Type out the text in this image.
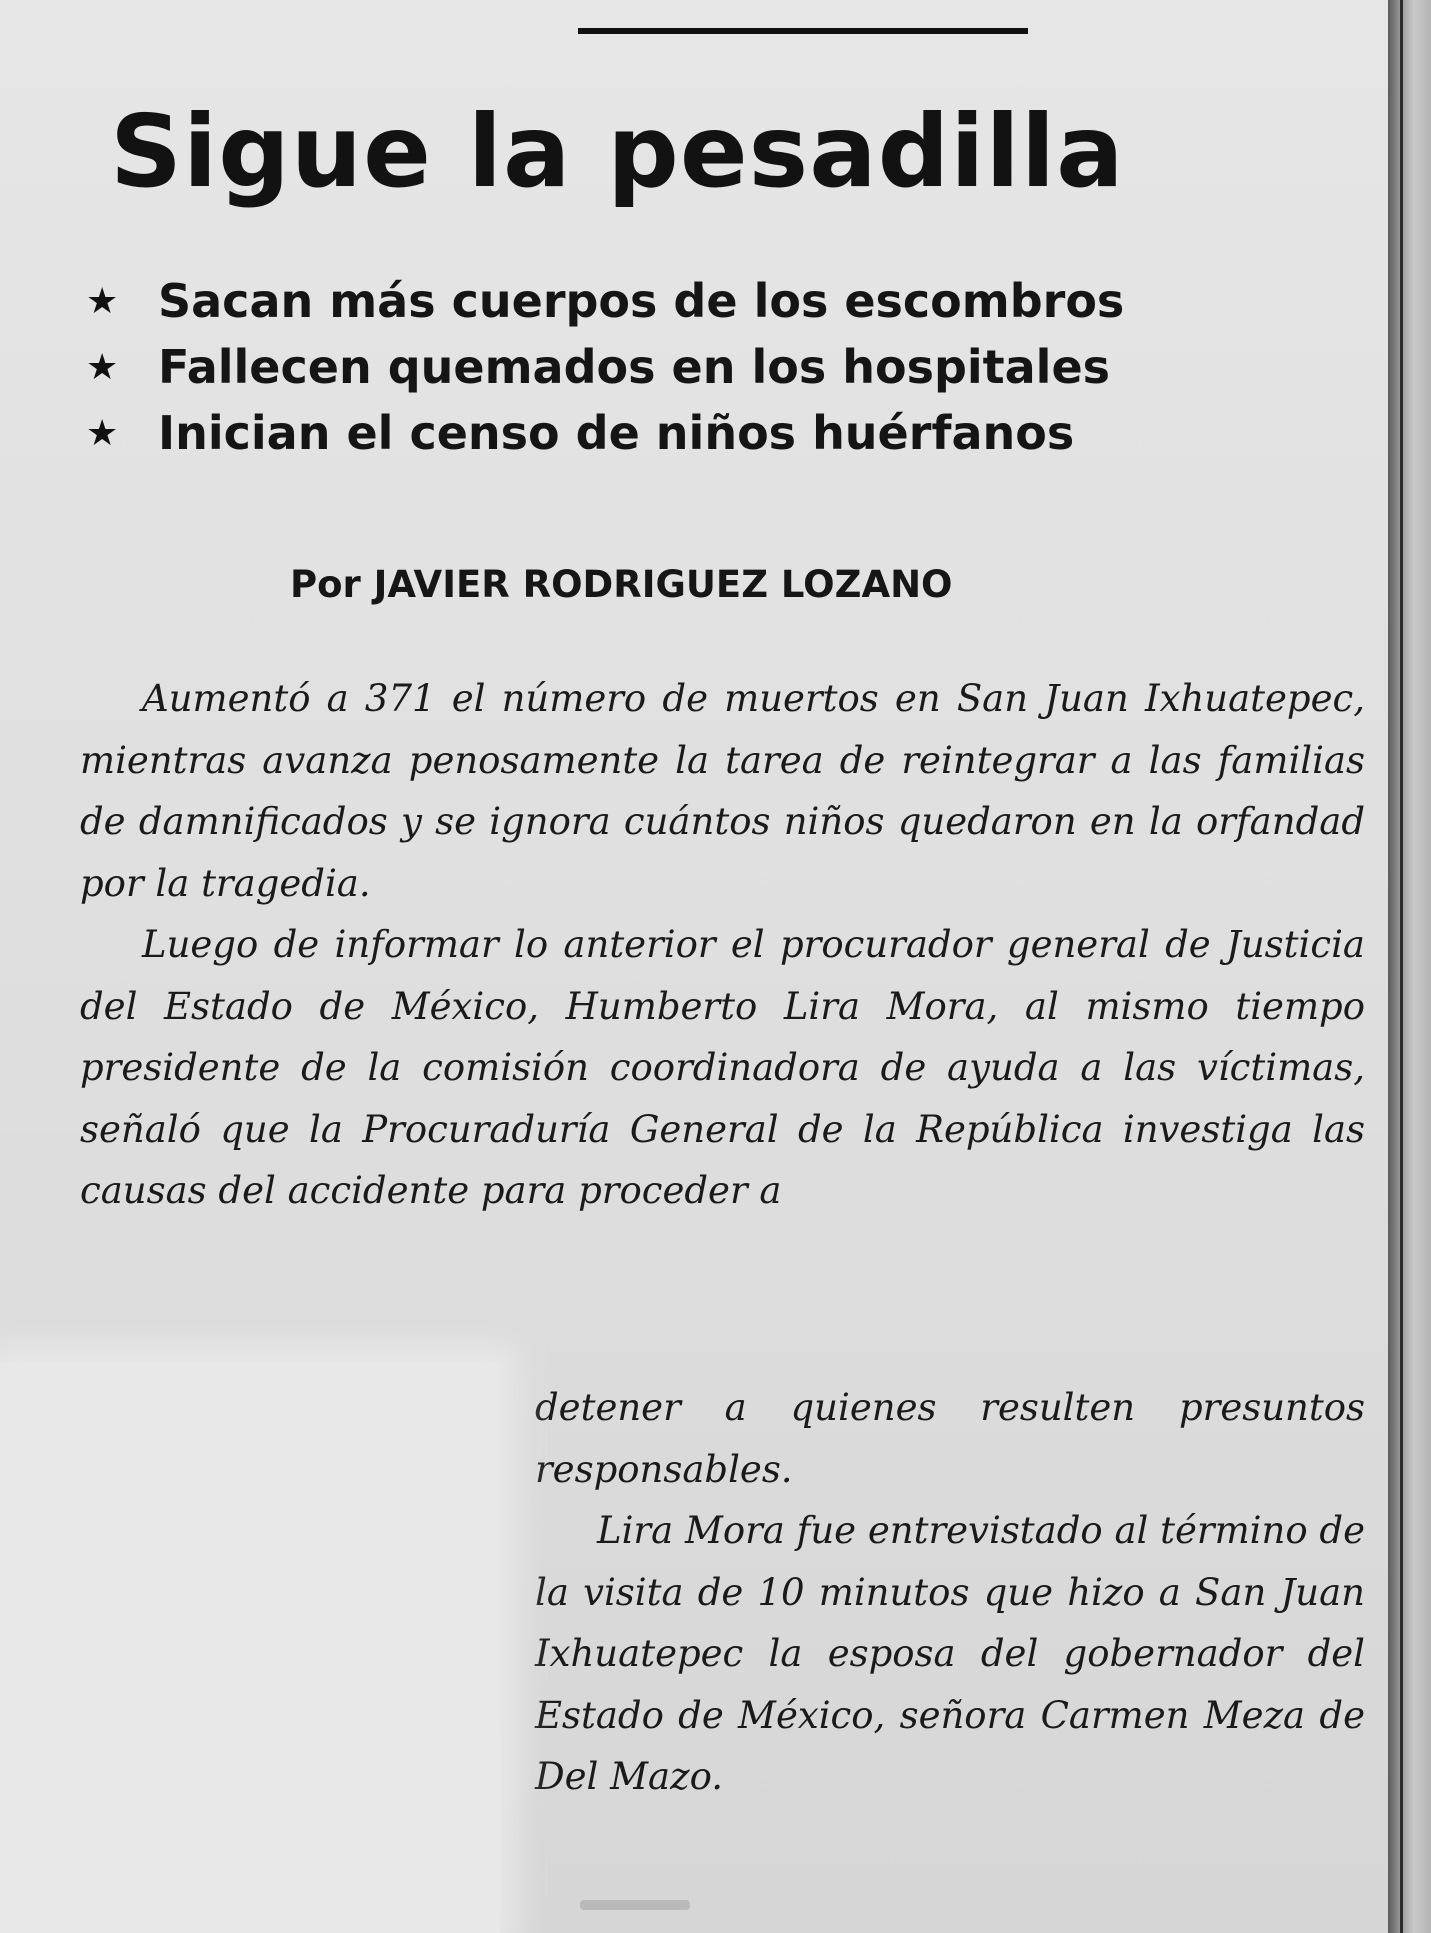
Sigue la pesadilla
★ Sacan más cuerpos de los escombros
★ Fallecen quemados en los hospitales
★ Inician el censo de niños huérfanos
Por JAVIER RODRIGUEZ LOZANO

Aumentó a 371 el número de muertos en San Juan Ixhuatepec, mientras avanza penosamente la tarea de reintegrar a las familias de damnificados y se ignora cuántos niños quedaron en la orfandad por la tragedia.

Luego de informar lo anterior el procurador general de Justicia del Estado de México, Humberto Lira Mora, al mismo tiempo presidente de la comisión coordinadora de ayuda a las víctimas, señaló que la Procuraduría General de la República investiga las causas del accidente para proceder a

detener a quienes resulten presuntos responsables.

Lira Mora fue entrevistado al término de la visita de 10 minutos que hizo a San Juan Ixhuatepec la esposa del gobernador del Estado de México, señora Carmen Meza de Del Mazo.
